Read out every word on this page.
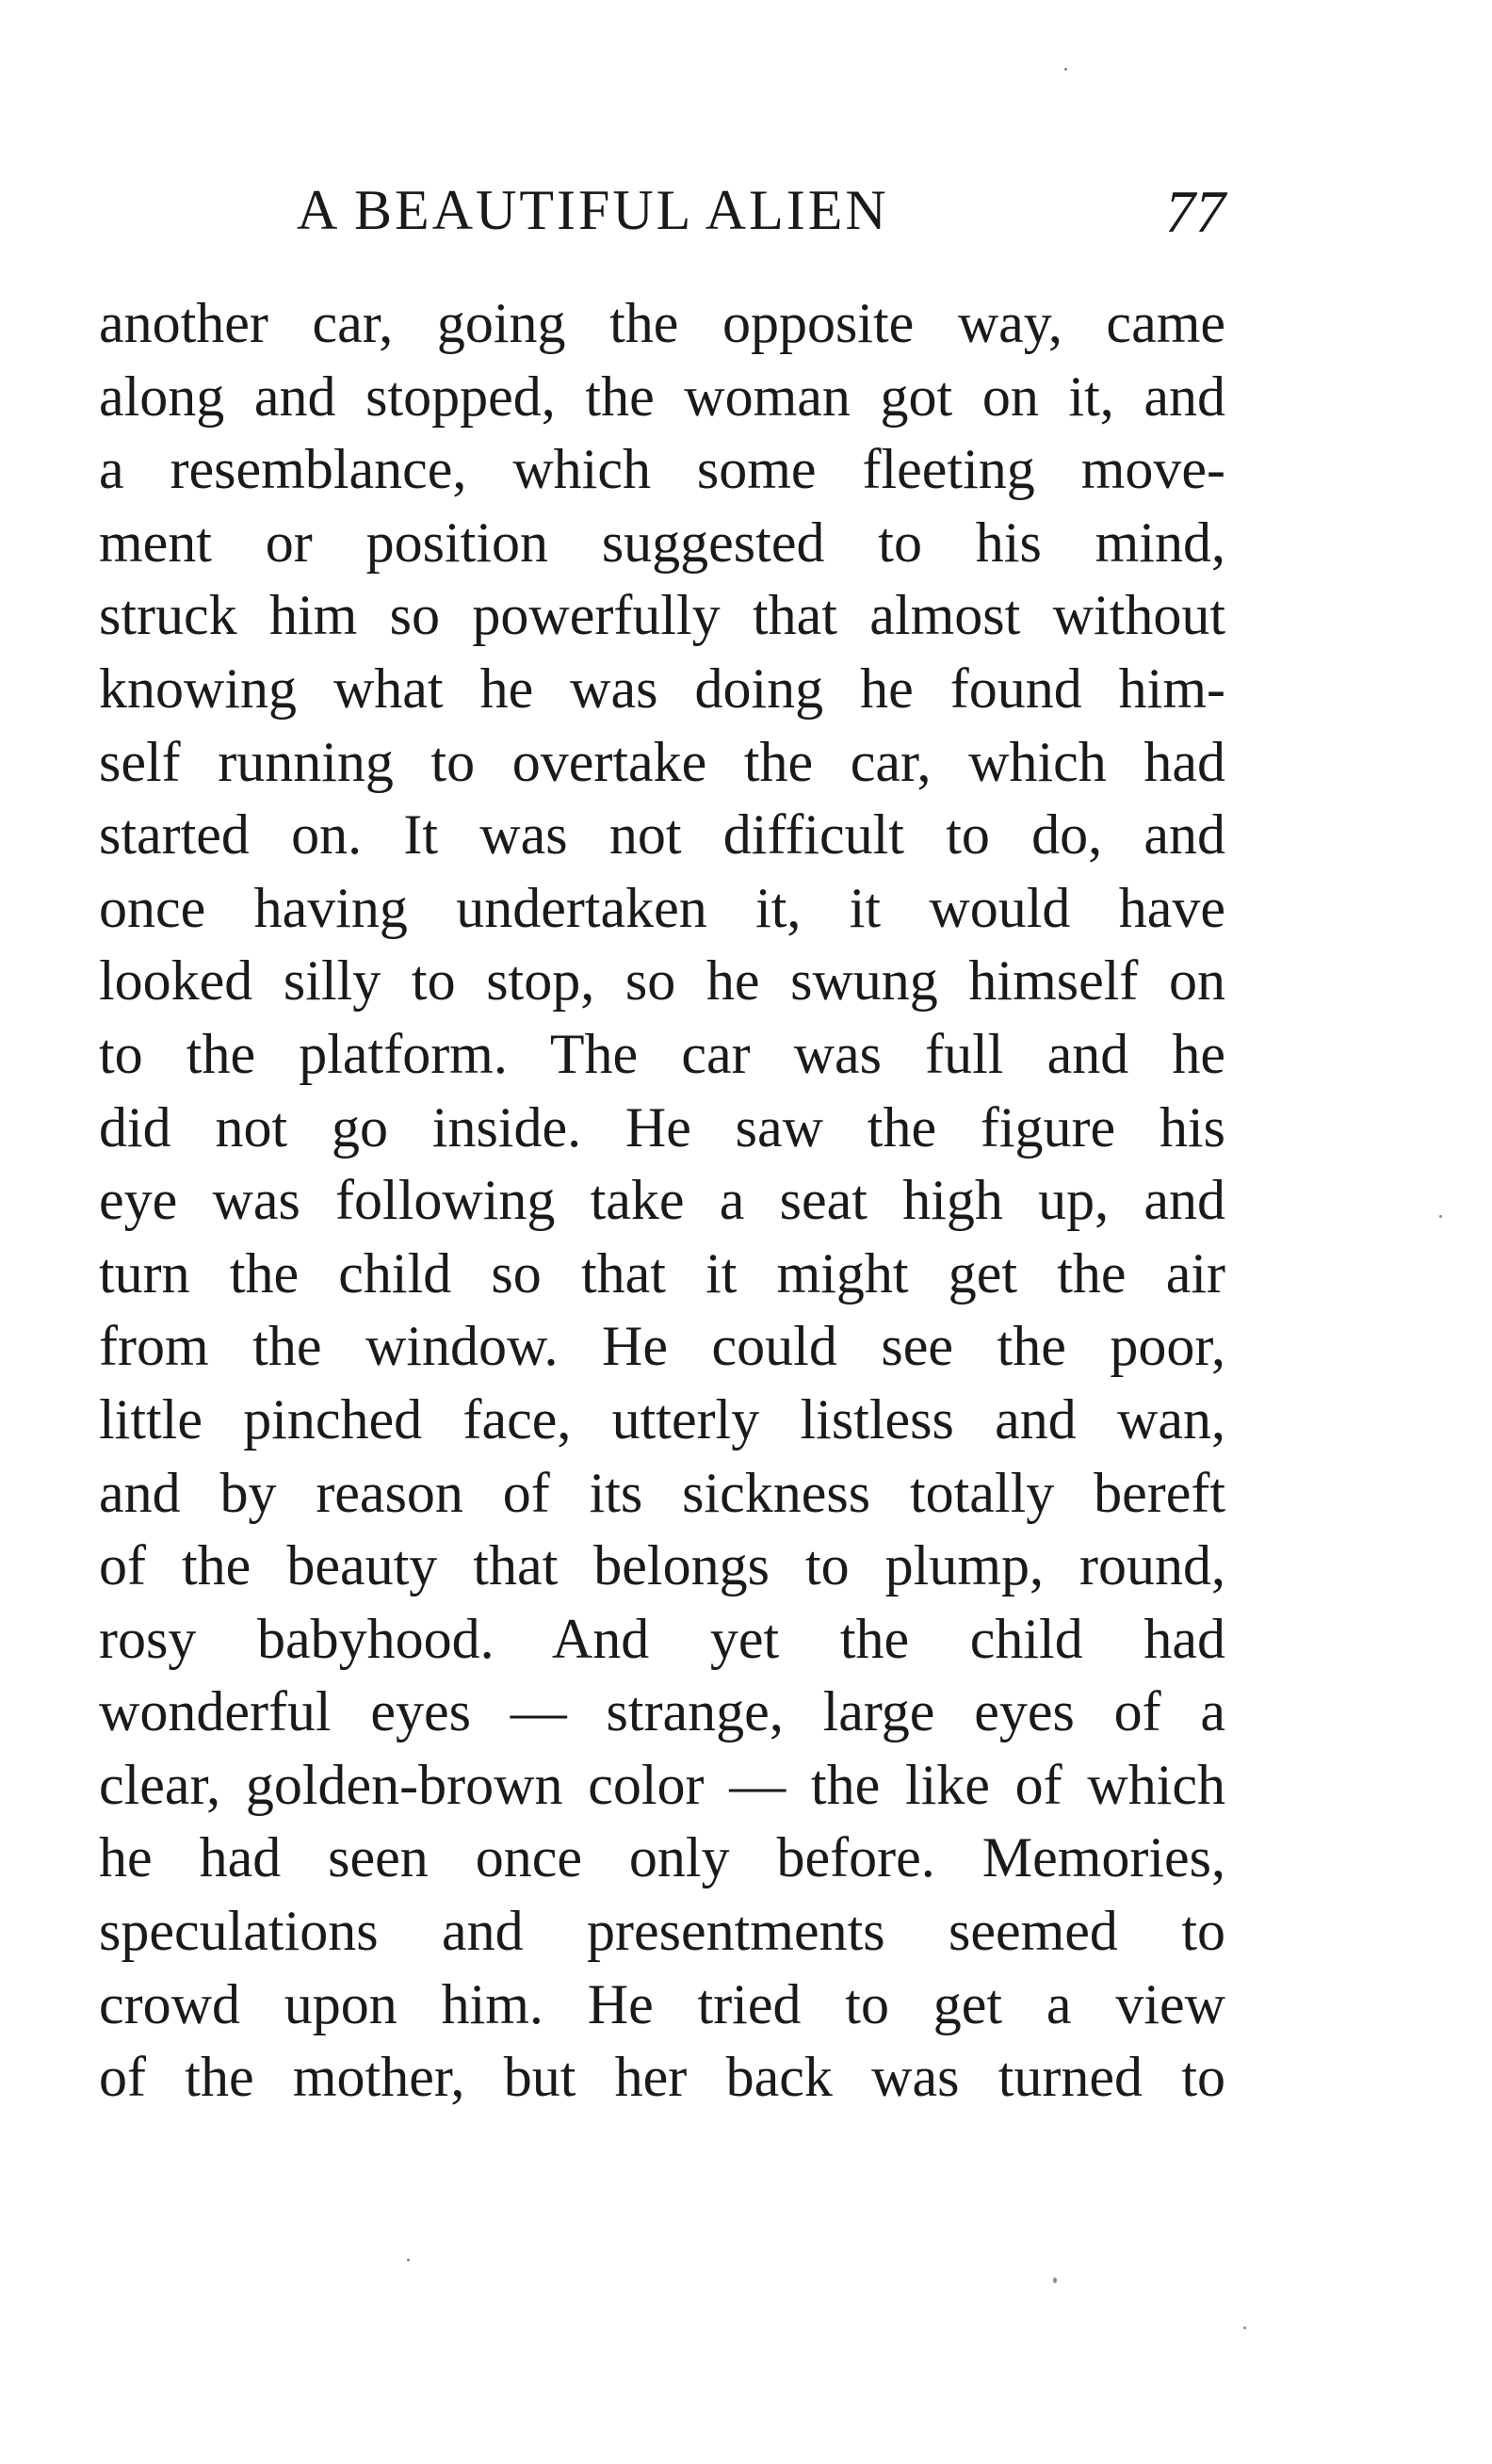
A BEAUTIFUL ALIEN	77
another car, going the opposite way, came
along and stopped, the woman got on it, and
a resemblance, which some fleeting move-
ment or position suggested to his mind,
struck him so powerfully that almost without
knowing what he was doing he found him-
self running to overtake the car, which had
started on. It was not difficult to do, and
once having undertaken it, it would have
looked silly to stop, so he swung himself on
to the platform. The car was full and he
did not go inside. He saw the figure his
eye was following take a seat high up, and
turn the child so that it might get the air
from the window. He could see the poor,
little pinched face, utterly listless and wan,
and by reason of its sickness totally bereft
of the beauty that belongs to plump, round,
rosy babyhood. And yet the child had
wonderful eyes — strange, large eyes of a
clear, golden-brown color — the like of which
he had seen once only before. Memories,
speculations and presentments seemed to
crowd upon him. He tried to get a view
of the mother, but her back was turned to
